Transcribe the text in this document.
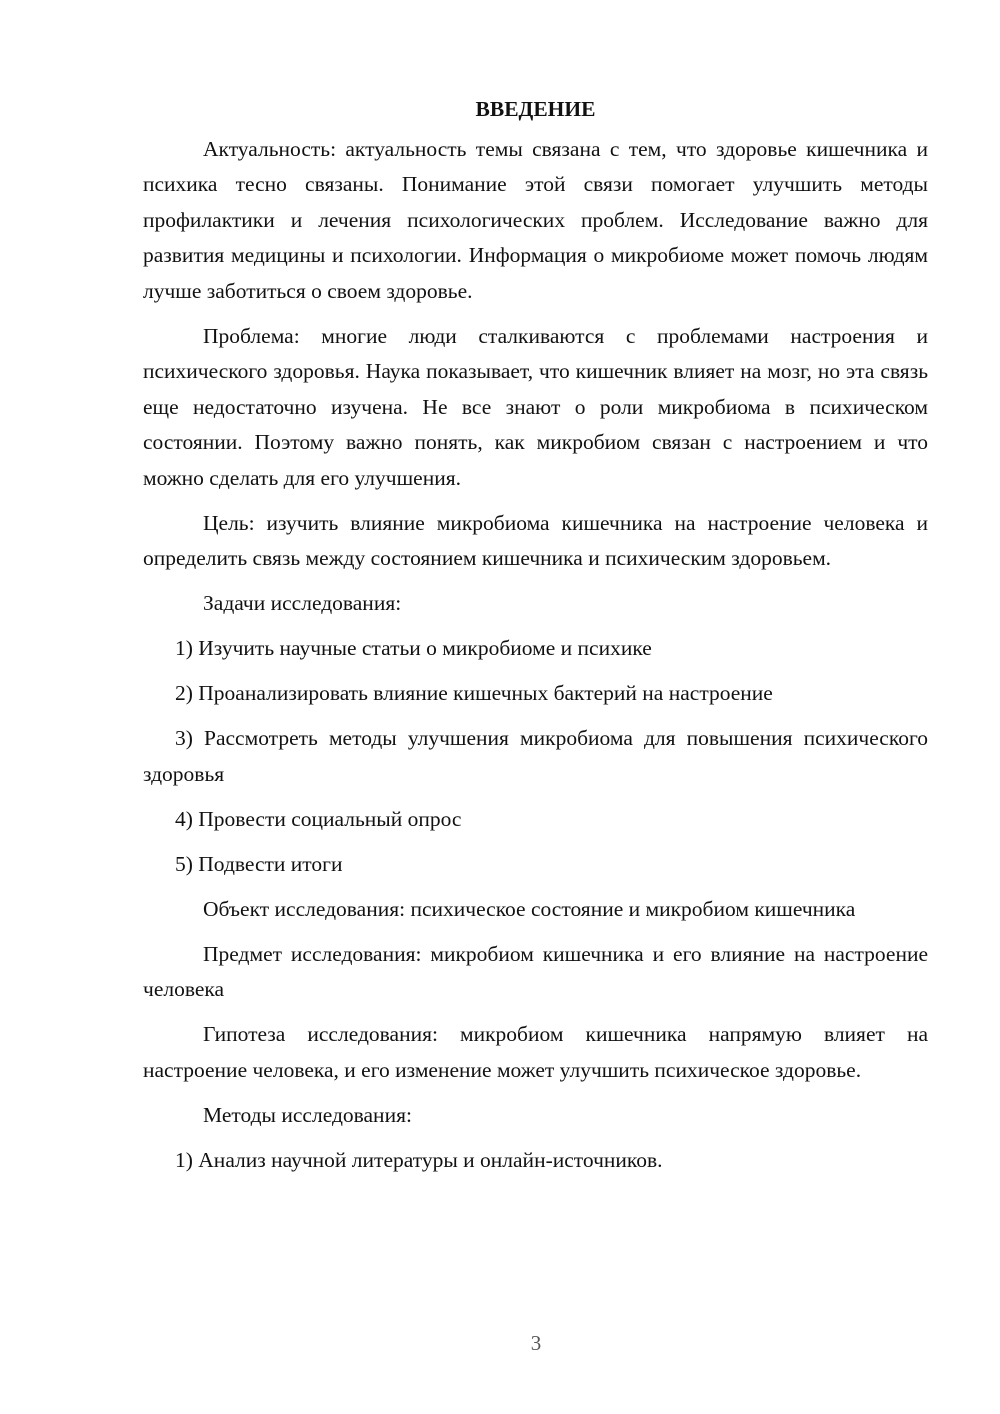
ВВЕДЕНИЕ

Актуальность: актуальность темы связана с тем, что здоровье кишечника и психика тесно связаны. Понимание этой связи помогает улучшить методы профилактики и лечения психологических проблем. Исследование важно для развития медицины и психологии. Информация о микробиоме может помочь людям лучше заботиться о своем здоровье.

Проблема: многие люди сталкиваются с проблемами настроения и психического здоровья. Наука показывает, что кишечник влияет на мозг, но эта связь еще недостаточно изучена. Не все знают о роли микробиома в психическом состоянии. Поэтому важно понять, как микробиом связан с настроением и что можно сделать для его улучшения.

Цель: изучить влияние микробиома кишечника на настроение человека и определить связь между состоянием кишечника и психическим здоровьем.

Задачи исследования:

1) Изучить научные статьи о микробиоме и психике

2) Проанализировать влияние кишечных бактерий на настроение

3) Рассмотреть методы улучшения микробиома для повышения психического здоровья

4) Провести социальный опрос

5) Подвести итоги

Объект исследования: психическое состояние и микробиом кишечника

Предмет исследования: микробиом кишечника и его влияние на настроение человека

Гипотеза исследования: микробиом кишечника напрямую влияет на настроение человека, и его изменение может улучшить психическое здоровье.

Методы исследования:

1) Анализ научной литературы и онлайн-источников.

3
